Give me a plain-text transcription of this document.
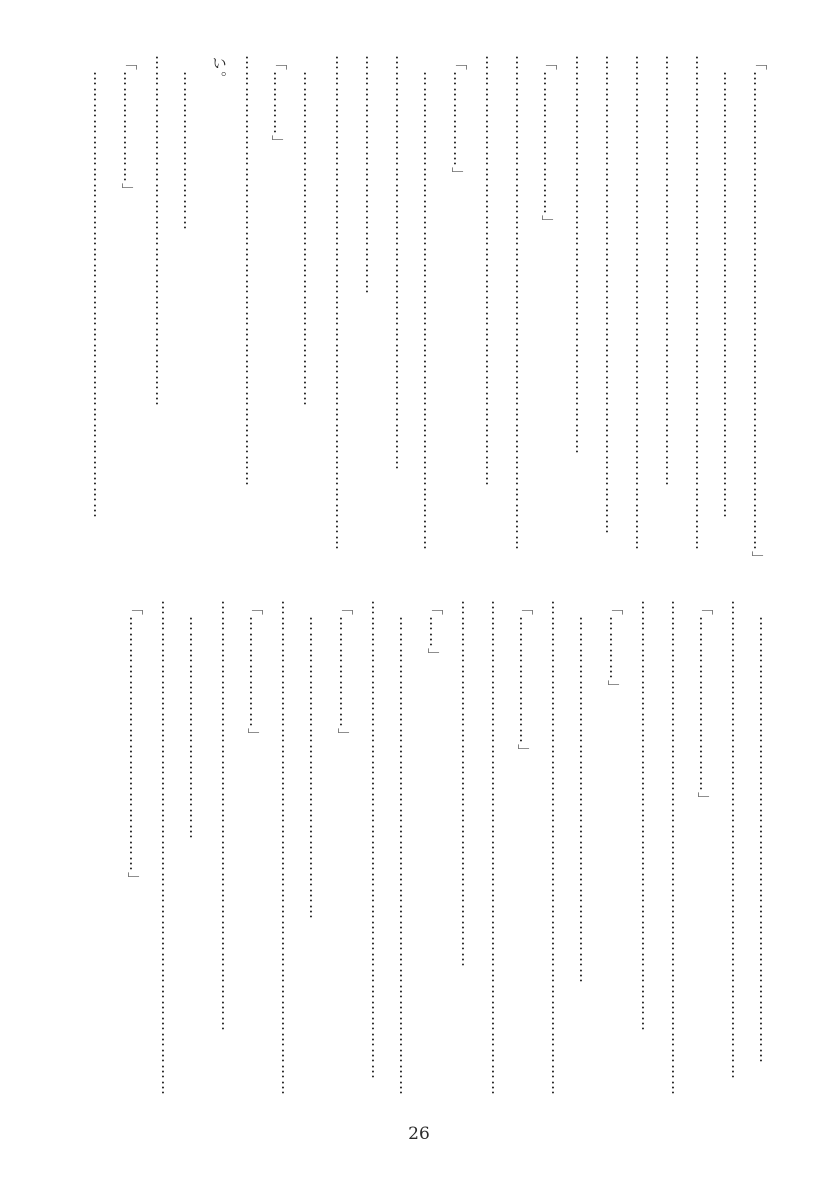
「………………………………………………………………………………」
　…………………………………………………………………………
…………………………………………………………………………………
………………………………………………………………………
…………………………………………………………………………………
………………………………………………………………………………
…………………………………………………………………
「………………………」
…………………………………………………………………………………
………………………………………………………………………
「………………」
　………………………………………………………………………………
……………………………………………………………………
………………………………………
…………………………………………………………………………………
　………………………………………………………
「…………」
………………………………………………………………………
い。
　…………………………
…………………………………………………………
「…………………」
　…………………………………………………………………………
　…………………………………………………………………………
………………………………………………………………………………
「……………………………」
…………………………………………………………………………………
………………………………………………………………………
「…………」
　……………………………………………………………
…………………………………………………………………………………
「……………………」
…………………………………………………………………………………
……………………………………………………………
「……」
　………………………………………………………………………………
………………………………………………………………………………
「…………………」
　…………………………………………………
…………………………………………………………………………………
「…………………」
………………………………………………………………………
　……………………………………
…………………………………………………………………………………
「…………………………………………」
26
